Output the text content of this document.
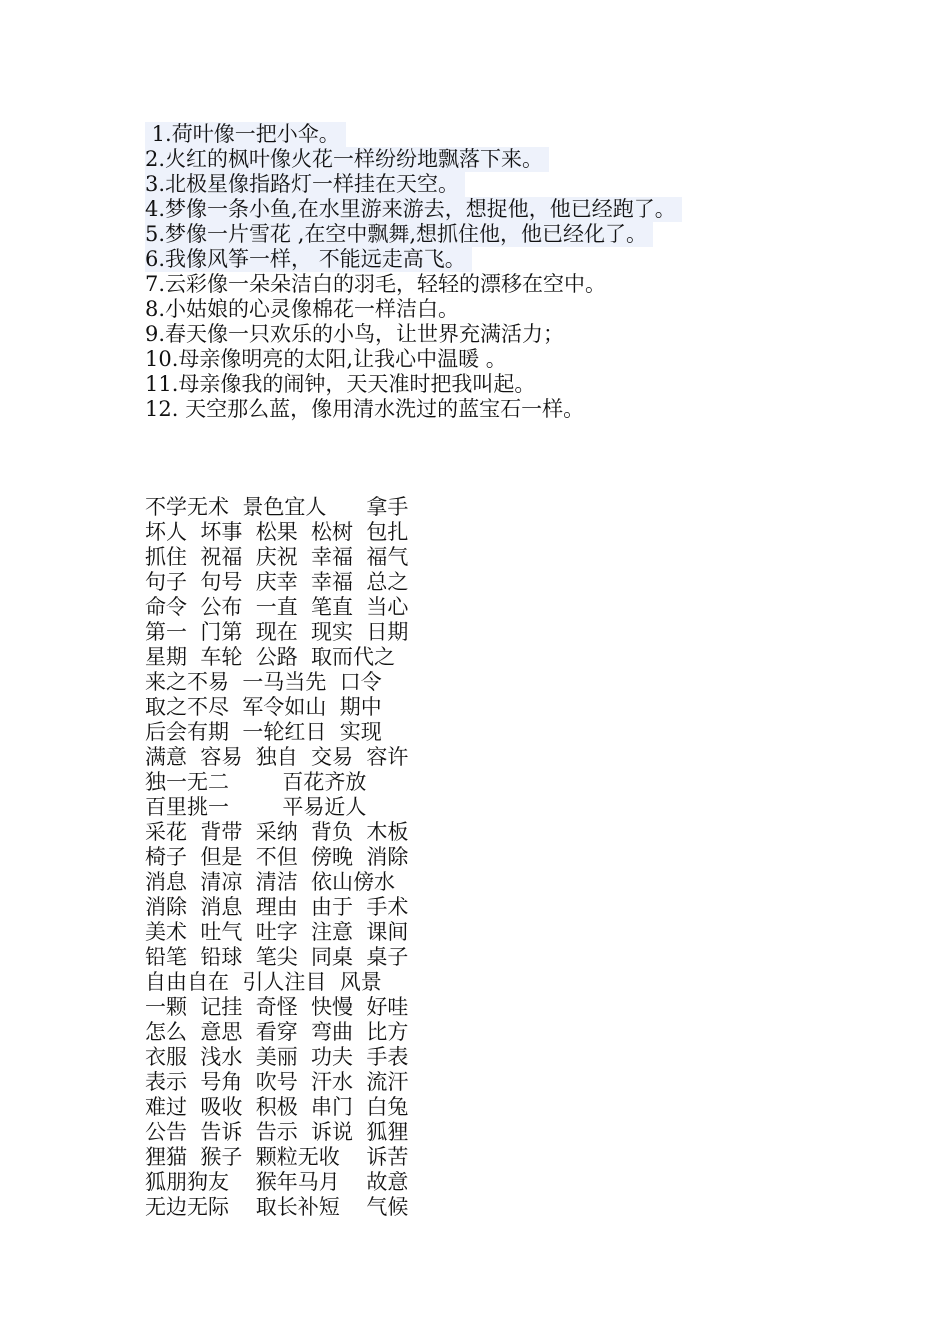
1.荷叶像一把小伞。
2.火红的枫叶像火花一样纷纷地飘落下来。
3.北极星像指路灯一样挂在天空。
4.梦像一条小鱼,在水里游来游去，想捉他，他已经跑了。
5.梦像一片雪花 ,在空中飘舞,想抓住他，他已经化了。
6.我像风筝一样， 不能远走高飞。
7.云彩像一朵朵洁白的羽毛，轻轻的漂移在空中。
8.小姑娘的心灵像棉花一样洁白。
9.春天像一只欢乐的小鸟，让世界充满活力；
10.母亲像明亮的太阳,让我心中温暖 。
11.母亲像我的闹钟，天天准时把我叫起。
12. 天空那么蓝，像用清水洗过的蓝宝石一样。
不学无术  景色宜人      拿手
坏人  坏事  松果  松树  包扎
抓住  祝福  庆祝  幸福  福气
句子  句号  庆幸  幸福  总之
命令  公布  一直  笔直  当心
第一  门第  现在  现实  日期
星期  车轮  公路  取而代之
来之不易  一马当先  口令
取之不尽  军令如山  期中
后会有期  一轮红日  实现
满意  容易  独自  交易  容许
独一无二        百花齐放
百里挑一        平易近人
采花  背带  采纳  背负  木板
椅子  但是  不但  傍晚  消除
消息  清凉  清洁  依山傍水
消除  消息  理由  由于  手术
美术  吐气  吐字  注意  课间
铅笔  铅球  笔尖  同桌  桌子
自由自在  引人注目  风景
一颗  记挂  奇怪  快慢  好哇
怎么  意思  看穿  弯曲  比方
衣服  浅水  美丽  功夫  手表
表示  号角  吹号  汗水  流汗
难过  吸收  积极  串门  白兔
公告  告诉  告示  诉说  狐狸
狸猫  猴子  颗粒无收    诉苦
狐朋狗友    猴年马月    故意
无边无际    取长补短    气候
